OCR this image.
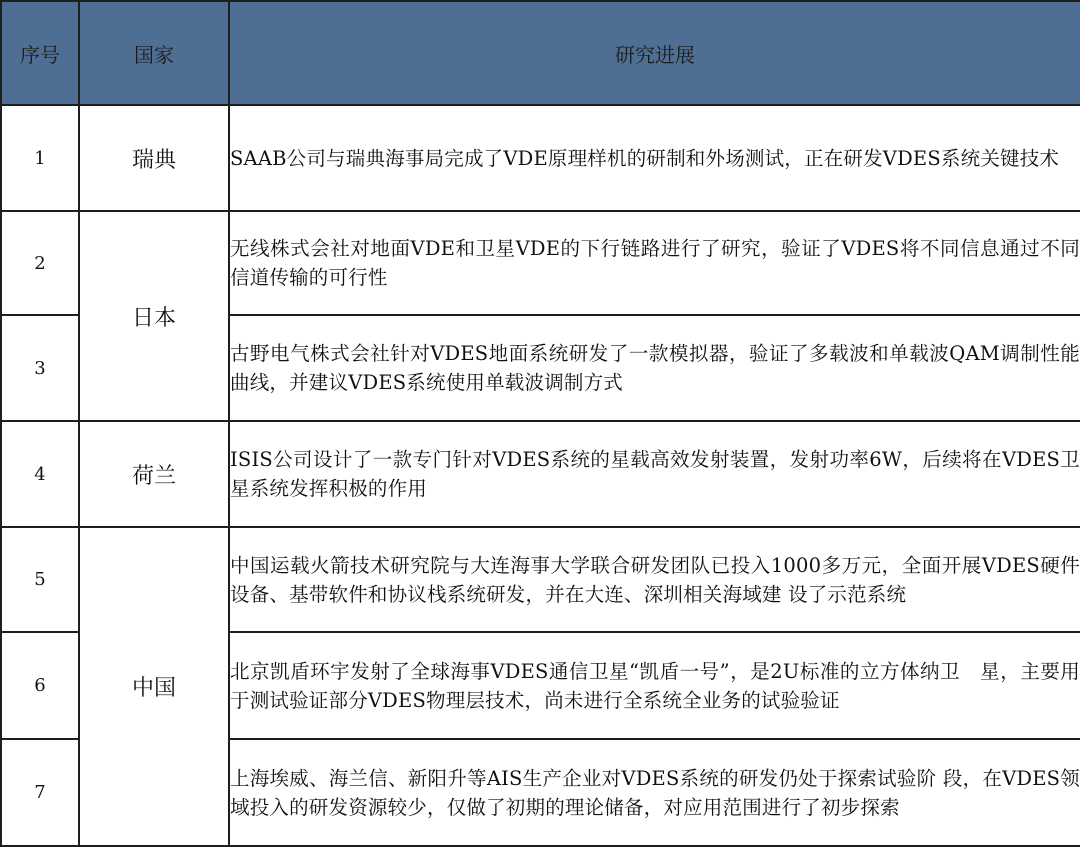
序号	国家	研究进展
1	瑞典	SAAB公司与瑞典海事局完成了VDE原理样机的研制和外场测试，正在研发VDES系统关键技术
2	日本	无线株式会社对地面VDE和卫星VDE的下行链路进行了研究，验证了VDES将不同信息通过不同信道传输的可行性
3		古野电气株式会社针对VDES地面系统研发了一款模拟器，验证了多载波和单载波QAM调制性能曲线，并建议VDES系统使用单载波调制方式
4	荷兰	ISIS公司设计了一款专门针对VDES系统的星载高效发射装置，发射功率6W，后续将在VDES卫星系统发挥积极的作用
5	中国	中国运载火箭技术研究院与大连海事大学联合研发团队已投入1000多万元，全面开展VDES硬件设备、基带软件和协议栈系统研发，并在大连、深圳相关海域建 设了示范系统
6		北京凯盾环宇发射了全球海事VDES通信卫星“凯盾一号”，是2U标准的立方体纳卫　星，主要用于测试验证部分VDES物理层技术，尚未进行全系统全业务的试验验证
7		上海埃威、海兰信、新阳升等AIS生产企业对VDES系统的研发仍处于探索试验阶 段，在VDES领域投入的研发资源较少，仅做了初期的理论储备，对应用范围进行了初步探索
